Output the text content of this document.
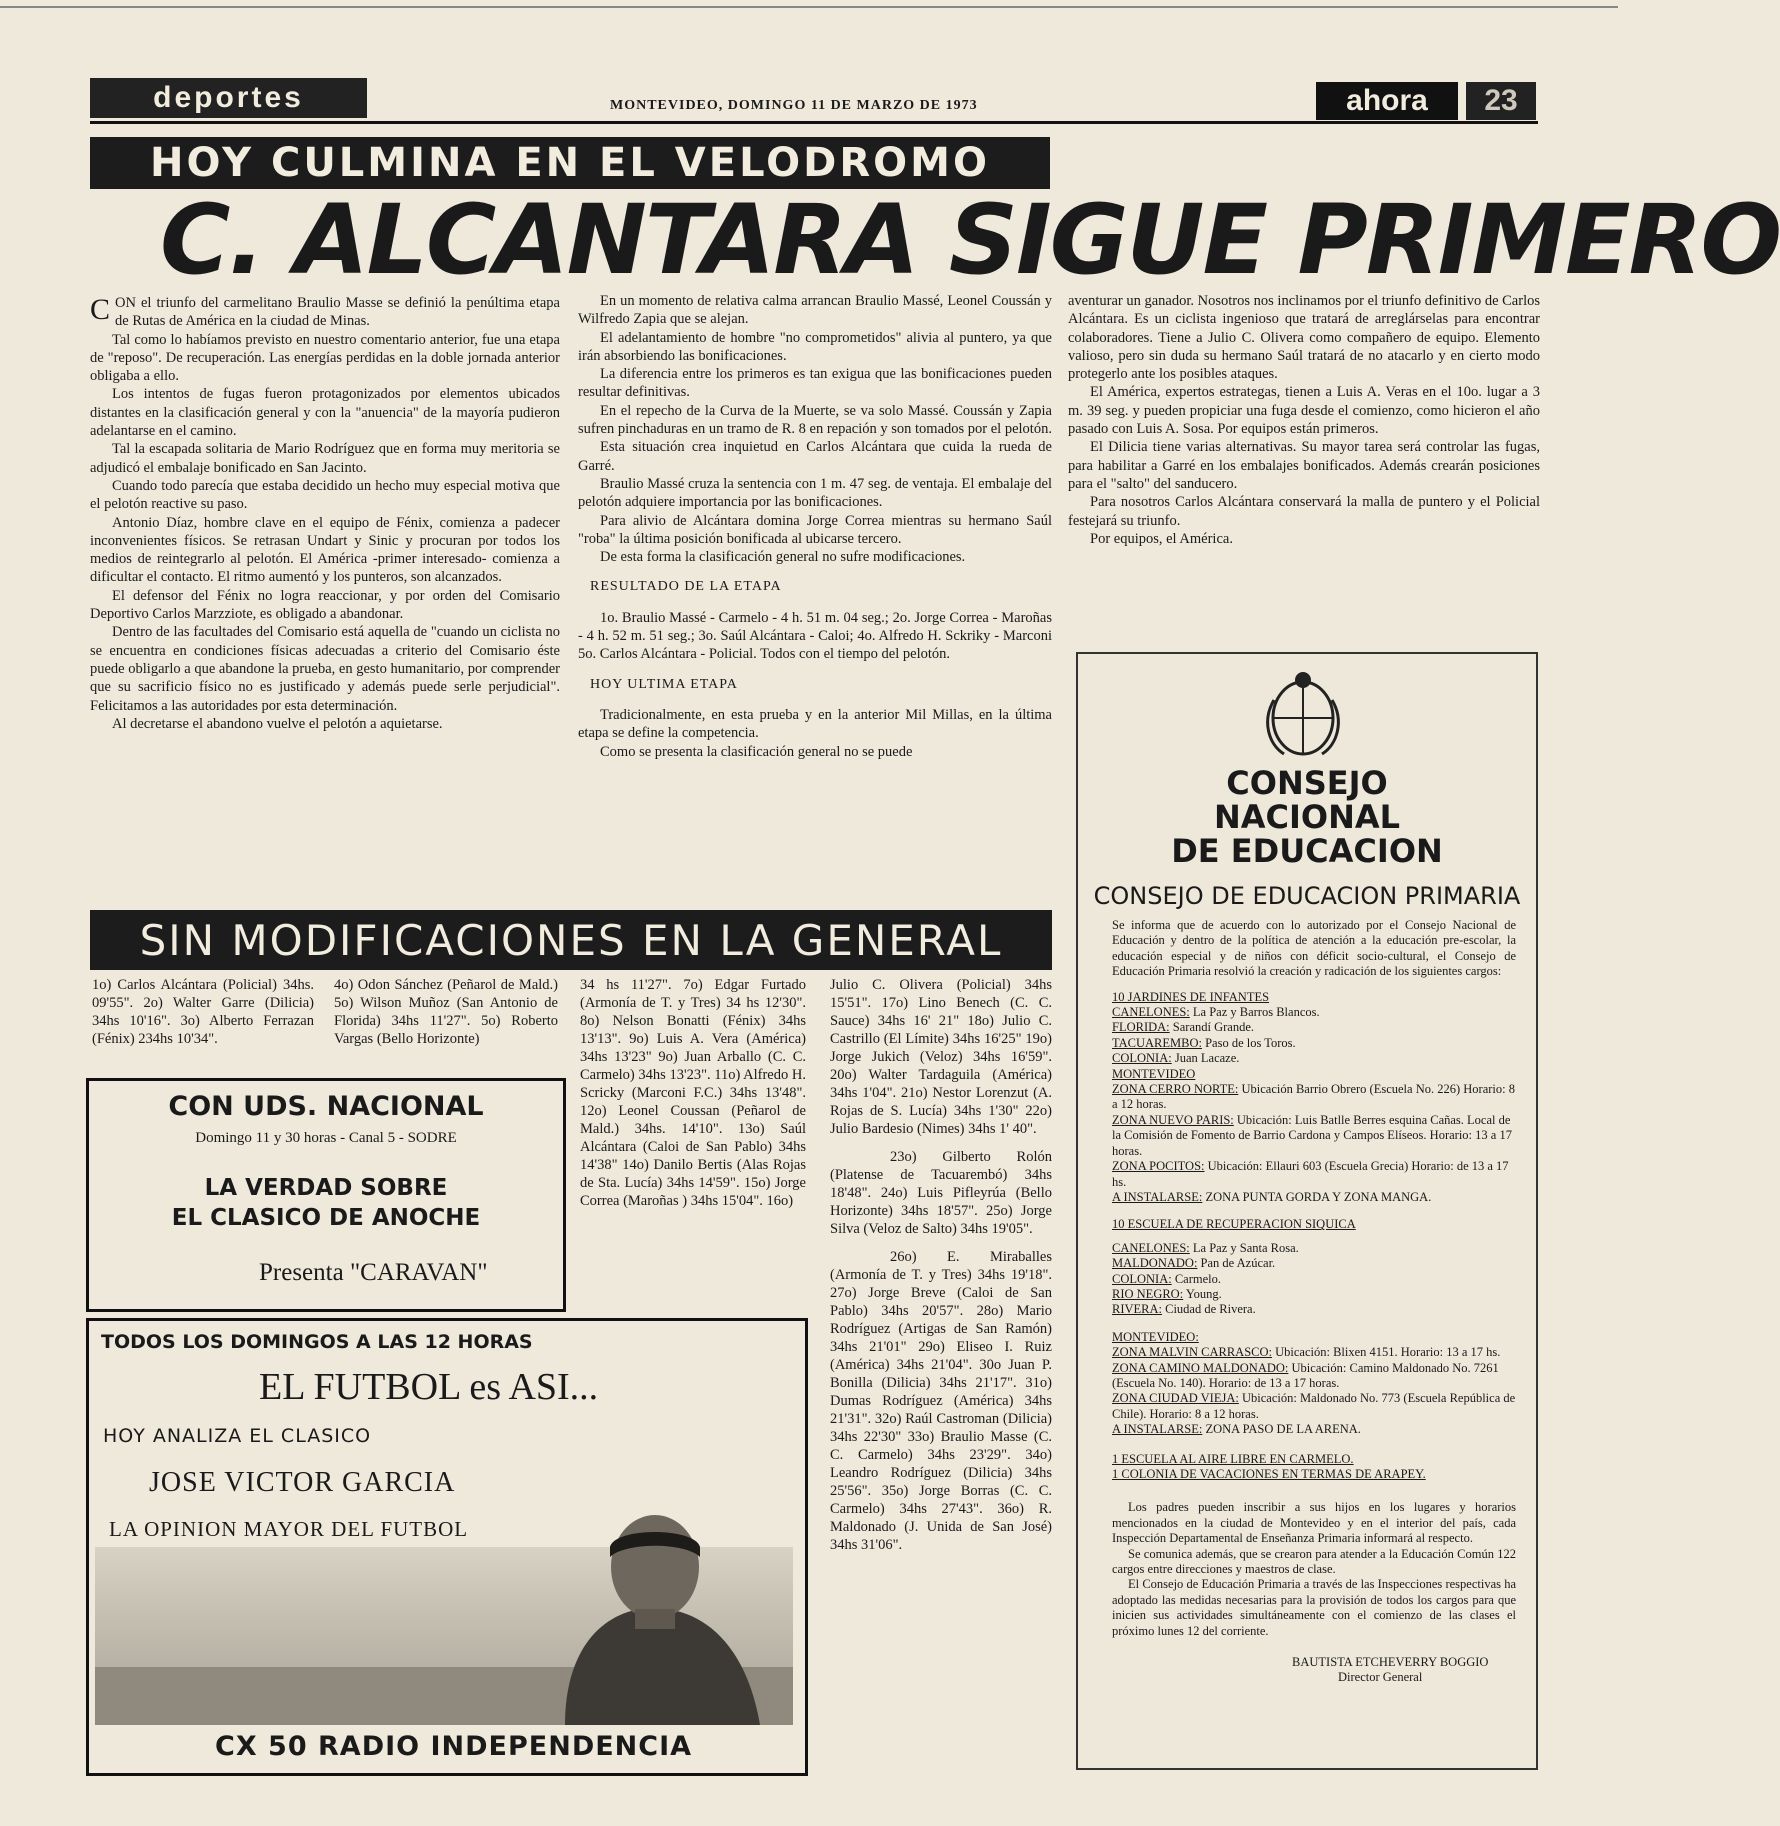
deportes	MONTEVIDEO, DOMINGO 11 DE MARZO DE 1973	ahora	23
HOY CULMINA EN EL VELODROMO
C. ALCANTARA SIGUE PRIMERO

CON el triunfo del carmelitano Braulio Masse se definió la penúltima etapa de Rutas de América en la ciudad de Minas.

Tal como lo habíamos previsto en nuestro comentario anterior, fue una etapa de "reposo". De recuperación. Las energías perdidas en la doble jornada anterior obligaba a ello.

Los intentos de fugas fueron protagonizados por elementos ubicados distantes en la clasificación general y con la "anuencia" de la mayoría pudieron adelantarse en el camino.

Tal la escapada solitaria de Mario Rodríguez que en forma muy meritoria se adjudicó el embalaje bonificado en San Jacinto.

Cuando todo parecía que estaba decidido un hecho muy especial motiva que el pelotón reactive su paso.

Antonio Díaz, hombre clave en el equipo de Fénix, comienza a padecer inconvenientes físicos. Se retrasan Undart y Sinic y procuran por todos los medios de reintegrarlo al pelotón. El América -primer interesado- comienza a dificultar el contacto. El ritmo aumentó y los punteros, son alcanzados.

El defensor del Fénix no logra reaccionar, y por orden del Comisario Deportivo Carlos Marzziote, es obligado a abandonar.

Dentro de las facultades del Comisario está aquella de "cuando un ciclista no se encuentra en condiciones físicas adecuadas a criterio del Comisario éste puede obligarlo a que abandone la prueba, en gesto humanitario, por comprender que su sacrificio físico no es justificado y además puede serle perjudicial". Felicitamos a las autoridades por esta determinación.

Al decretarse el abandono vuelve el pelotón a aquietarse.

En un momento de relativa calma arrancan Braulio Massé, Leonel Coussán y Wilfredo Zapia que se alejan.

El adelantamiento de hombre "no comprometidos" alivia al puntero, ya que irán absorbiendo las bonificaciones.

La diferencia entre los primeros es tan exigua que las bonificaciones pueden resultar definitivas.

En el repecho de la Curva de la Muerte, se va solo Massé. Coussán y Zapia sufren pinchaduras en un tramo de R. 8 en repación y son tomados por el pelotón.

Esta situación crea inquietud en Carlos Alcántara que cuida la rueda de Garré.

Braulio Massé cruza la sentencia con 1 m. 47 seg. de ventaja. El embalaje del pelotón adquiere importancia por las bonificaciones.

Para alivio de Alcántara domina Jorge Correa mientras su hermano Saúl "roba" la última posición bonificada al ubicarse tercero.

De esta forma la clasificación general no sufre modificaciones.

RESULTADO DE LA ETAPA

1o. Braulio Massé - Carmelo - 4 h. 51 m. 04 seg.; 2o. Jorge Correa - Maroñas - 4 h. 52 m. 51 seg.; 3o. Saúl Alcántara - Caloi; 4o. Alfredo H. Sckriky - Marconi 5o. Carlos Alcántara - Policial. Todos con el tiempo del pelotón.

HOY ULTIMA ETAPA

Tradicionalmente, en esta prueba y en la anterior Mil Millas, en la última etapa se define la competencia.

Como se presenta la clasificación general no se puede

aventurar un ganador. Nosotros nos inclinamos por el triunfo definitivo de Carlos Alcántara. Es un ciclista ingenioso que tratará de arreglárselas para encontrar colaboradores. Tiene a Julio C. Olivera como compañero de equipo. Elemento valioso, pero sin duda su hermano Saúl tratará de no atacarlo y en cierto modo protegerlo ante los posibles ataques.

El América, expertos estrategas, tienen a Luis A. Veras en el 10o. lugar a 3 m. 39 seg. y pueden propiciar una fuga desde el comienzo, como hicieron el año pasado con Luis A. Sosa. Por equipos están primeros.

El Dilicia tiene varias alternativas. Su mayor tarea será controlar las fugas, para habilitar a Garré en los embalajes bonificados. Además crearán posiciones para el "salto" del sanducero.

Para nosotros Carlos Alcántara conservará la malla de puntero y el Policial festejará su triunfo.

Por equipos, el América.

SIN MODIFICACIONES EN LA GENERAL
1o) Carlos Alcántara (Policial) 34hs. 09'55". 2o) Walter Garre (Dilicia) 34hs 10'16". 3o) Alberto Ferrazan (Fénix) 234hs 10'34".
4o) Odon Sánchez (Peñarol de Mald.) 5o) Wilson Muñoz (San Antonio de Florida) 34hs 11'27". 5o) Roberto Vargas (Bello Horizonte)
34 hs 11'27". 7o) Edgar Furtado (Armonía de T. y Tres) 34 hs 12'30". 8o) Nelson Bonatti (Fénix) 34hs 13'13". 9o) Luis A. Vera (América) 34hs 13'23" 9o) Juan Arballo (C. C. Carmelo) 34hs 13'23". 11o) Alfredo H. Scricky (Marconi F.C.) 34hs 13'48". 12o) Leonel Coussan (Peñarol de Mald.) 34hs. 14'10". 13o) Saúl Alcántara (Caloi de San Pablo) 34hs 14'38" 14o) Danilo Bertis (Alas Rojas de Sta. Lucía) 34hs 14'59". 15o) Jorge Correa (Maroñas ) 34hs 15'04". 16o)
Julio C. Olivera (Policial) 34hs 15'51". 17o) Lino Benech (C. C. Sauce) 34hs 16' 21" 18o) Julio C. Castrillo (El Límite) 34hs 16'25" 19o) Jorge Jukich (Veloz) 34hs 16'59". 20o) Walter Tardaguila (América) 34hs 1'04". 21o) Nestor Lorenzut (A. Rojas de S. Lucía) 34hs 1'30" 22o) Julio Bardesio (Nimes) 34hs 1' 40".
23o) Gilberto Rolón (Platense de Tacuarembó) 34hs 18'48". 24o) Luis Pifleyrúa (Bello Horizonte) 34hs 18'57". 25o) Jorge Silva (Veloz de Salto) 34hs 19'05".
26o) E. Miraballes (Armonía de T. y Tres) 34hs 19'18". 27o) Jorge Breve (Caloi de San Pablo) 34hs 20'57". 28o) Mario Rodríguez (Artigas de San Ramón) 34hs 21'01" 29o) Eliseo I. Ruiz (América) 34hs 21'04". 30o Juan P. Bonilla (Dilicia) 34hs 21'17". 31o) Dumas Rodríguez (América) 34hs 21'31". 32o) Raúl Castroman (Dilicia) 34hs 22'30" 33o) Braulio Masse (C. C. Carmelo) 34hs 23'29". 34o) Leandro Rodríguez (Dilicia) 34hs 25'56". 35o) Jorge Borras (C. C. Carmelo) 34hs 27'43". 36o) R. Maldonado (J. Unida de San José) 34hs 31'06".
CON UDS. NACIONAL
Domingo 11 y 30 horas - Canal 5 - SODRE
LA VERDAD SOBRE
EL CLASICO DE ANOCHE
Presenta "CARAVAN"
TODOS LOS DOMINGOS A LAS 12 HORAS
EL FUTBOL es ASI...
HOY ANALIZA EL CLASICO
JOSE VICTOR GARCIA
LA OPINION MAYOR DEL FUTBOL
CX 50 RADIO INDEPENDENCIA
CONSEJO
NACIONAL
DE EDUCACION
CONSEJO DE EDUCACION PRIMARIA
Se informa que de acuerdo con lo autorizado por el Consejo Nacional de Educación y dentro de la política de atención a la educación pre-escolar, la educación especial y de niños con déficit socio-cultural, el Consejo de Educación Primaria resolvió la creación y radicación de los siguientes cargos:
10 JARDINES DE INFANTES
CANELONES: La Paz y Barros Blancos.
FLORIDA: Sarandí Grande.
TACUAREMBO: Paso de los Toros.
COLONIA: Juan Lacaze.
MONTEVIDEO
ZONA CERRO NORTE: Ubicación Barrio Obrero (Escuela No. 226) Horario: 8 a 12 horas.
ZONA NUEVO PARIS: Ubicación: Luis Batlle Berres esquina Cañas. Local de la Comisión de Fomento de Barrio Cardona y Campos Elíseos. Horario: 13 a 17 horas.
ZONA POCITOS: Ubicación: Ellauri 603 (Escuela Grecia) Horario: de 13 a 17 hs.
A INSTALARSE: ZONA PUNTA GORDA Y ZONA MANGA.
10 ESCUELA DE RECUPERACION SIQUICA
CANELONES: La Paz y Santa Rosa.
MALDONADO: Pan de Azúcar.
COLONIA: Carmelo.
RIO NEGRO: Young.
RIVERA: Ciudad de Rivera.
MONTEVIDEO:
ZONA MALVIN CARRASCO: Ubicación: Blixen 4151. Horario: 13 a 17 hs.
ZONA CAMINO MALDONADO: Ubicación: Camino Maldonado No. 7261 (Escuela No. 140). Horario: de 13 a 17 horas.
ZONA CIUDAD VIEJA: Ubicación: Maldonado No. 773 (Escuela República de Chile). Horario: 8 a 12 horas.
A INSTALARSE: ZONA PASO DE LA ARENA.
1 ESCUELA AL AIRE LIBRE EN CARMELO.
1 COLONIA DE VACACIONES EN TERMAS DE ARAPEY.
Los padres pueden inscribir a sus hijos en los lugares y horarios mencionados en la ciudad de Montevideo y en el interior del país, cada Inspección Departamental de Enseñanza Primaria informará al respecto.
Se comunica además, que se crearon para atender a la Educación Común 122 cargos entre direcciones y maestros de clase.
El Consejo de Educación Primaria a través de las Inspecciones respectivas ha adoptado las medidas necesarias para la provisión de todos los cargos para que inicien sus actividades simultáneamente con el comienzo de las clases el próximo lunes 12 del corriente.
BAUTISTA ETCHEVERRY BOGGIO
Director General
